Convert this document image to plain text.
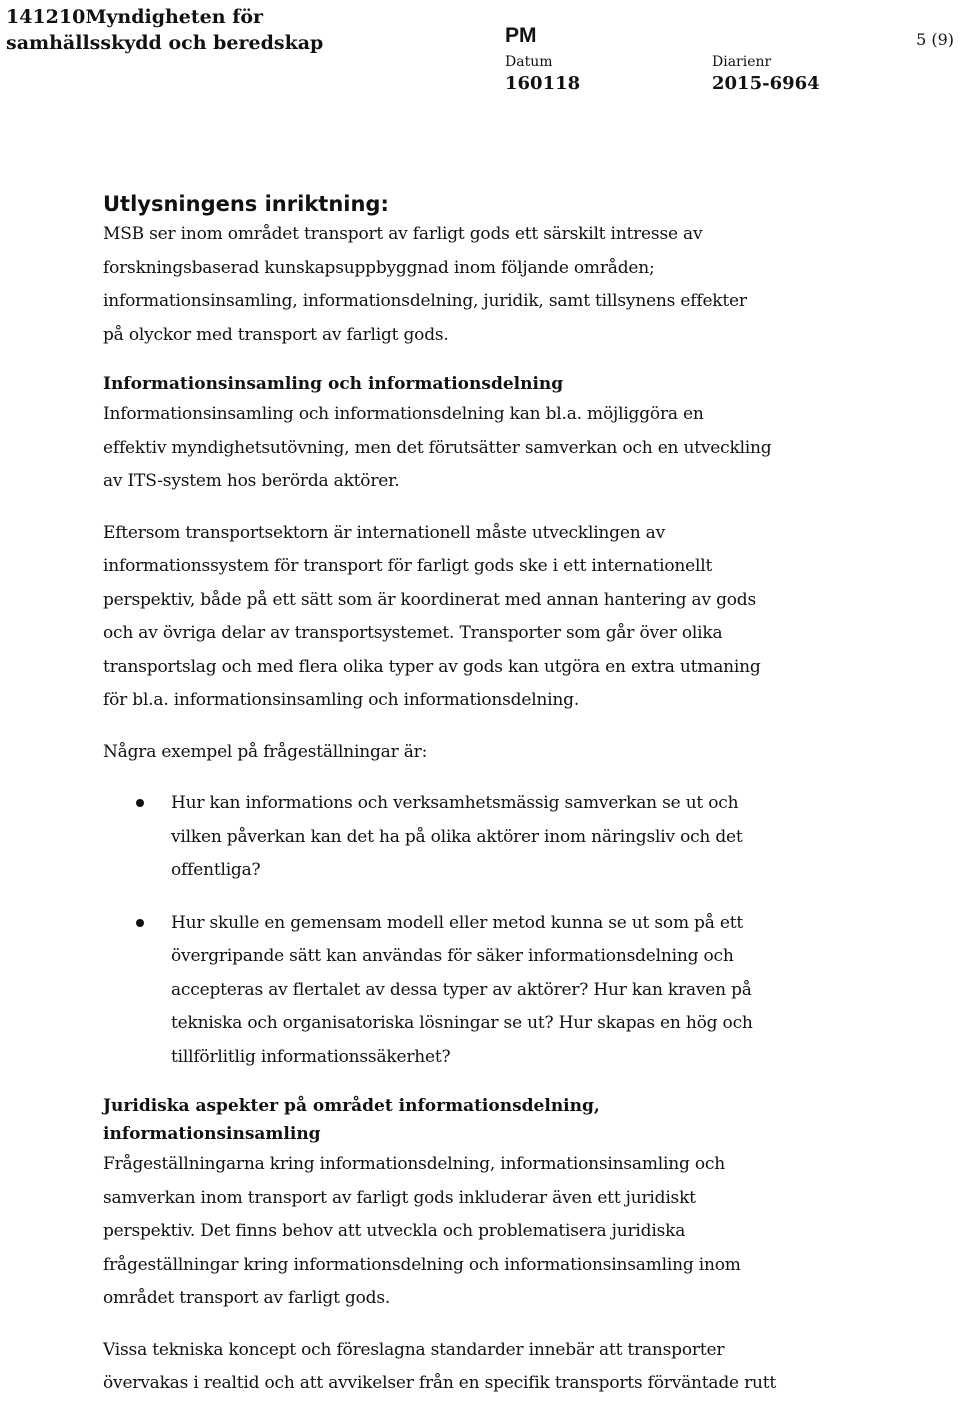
141210Myndigheten för
samhällsskydd och beredskap	PM	5 (9)
Datum
160118
Diarienr
2015-6964
Utlysningens inriktning:

MSB ser inom området transport av farligt gods ett särskilt intresse av

forskningsbaserad kunskapsuppbyggnad inom följande områden;

informationsinsamling, informationsdelning, juridik, samt tillsynens effekter

på olyckor med transport av farligt gods.

Informationsinsamling och informationsdelning

Informationsinsamling och informationsdelning kan bl.a. möjliggöra en

effektiv myndighetsutövning, men det förutsätter samverkan och en utveckling

av ITS-system hos berörda aktörer.

Eftersom transportsektorn är internationell måste utvecklingen av

informationssystem för transport för farligt gods ske i ett internationellt

perspektiv, både på ett sätt som är koordinerat med annan hantering av gods

och av övriga delar av transportsystemet. Transporter som går över olika

transportslag och med flera olika typer av gods kan utgöra en extra utmaning

för bl.a. informationsinsamling och informationsdelning.

Några exempel på frågeställningar är:

Hur kan informations och verksamhetsmässig samverkan se ut och
vilken påverkan kan det ha på olika aktörer inom näringsliv och det
offentliga?
Hur skulle en gemensam modell eller metod kunna se ut som på ett
övergripande sätt kan användas för säker informationsdelning och
accepteras av flertalet av dessa typer av aktörer? Hur kan kraven på
tekniska och organisatoriska lösningar se ut? Hur skapas en hög och
tillförlitlig informationssäkerhet?
Juridiska aspekter på området informationsdelning,
informationsinsamling

Frågeställningarna kring informationsdelning, informationsinsamling och

samverkan inom transport av farligt gods inkluderar även ett juridiskt

perspektiv. Det finns behov att utveckla och problematisera juridiska

frågeställningar kring informationsdelning och informationsinsamling inom

området transport av farligt gods.

Vissa tekniska koncept och föreslagna standarder innebär att transporter

övervakas i realtid och att avvikelser från en specifik transports förväntade rutt
